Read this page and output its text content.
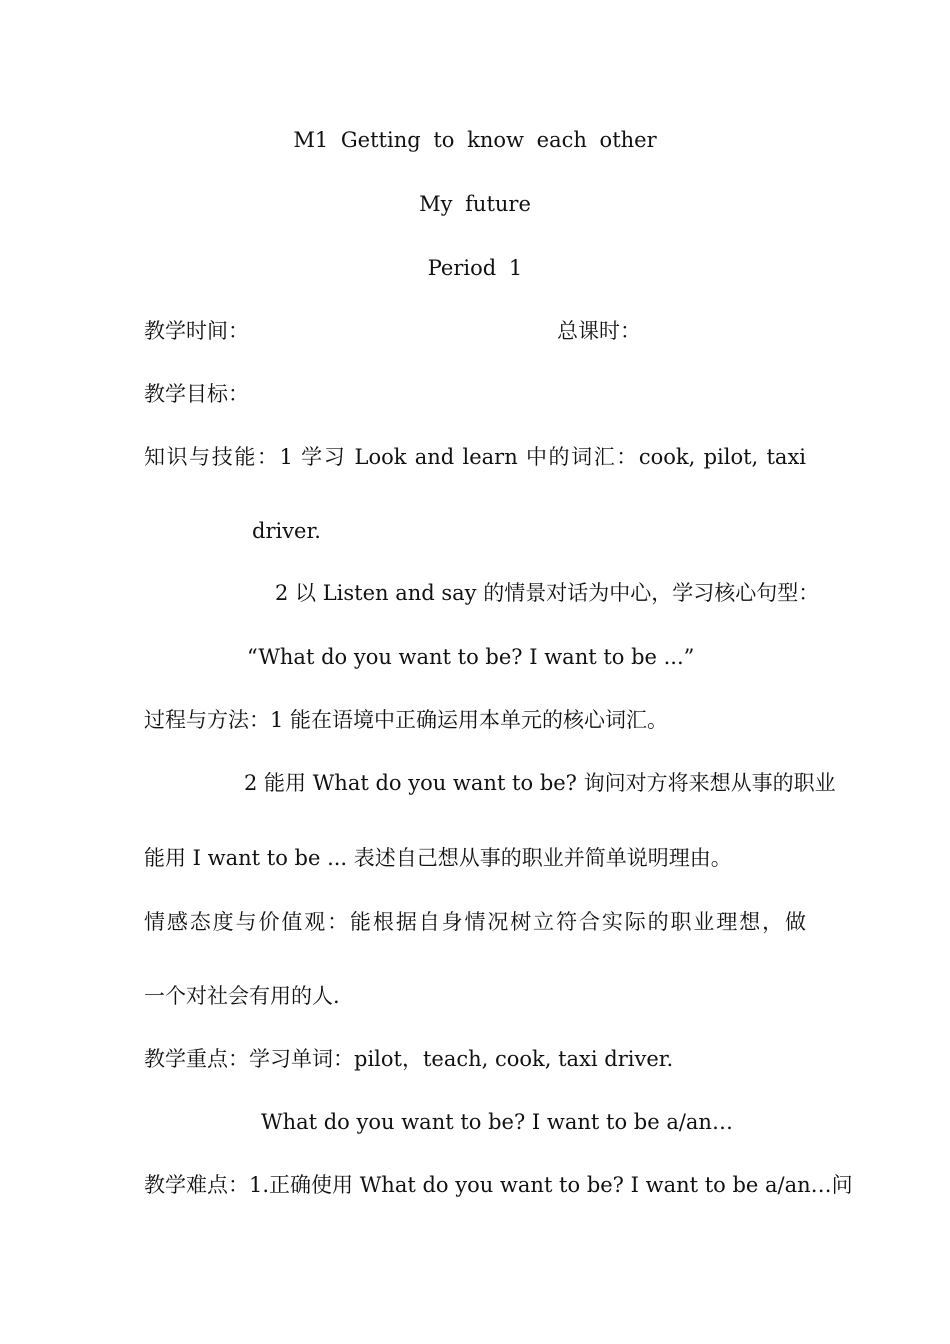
M1 Getting to know each other
My future
Period 1
教学时间：	总课时：
教学目标：
知识与技能：1 学习 Look and learn 中的词汇：cook, pilot, taxi
driver.
2 以 Listen and say 的情景对话为中心，学习核心句型：
“What do you want to be? I want to be ...”
过程与方法：1 能在语境中正确运用本单元的核心词汇。
2 能用 What do you want to be? 询问对方将来想从事的职业
能用 I want to be ... 表述自己想从事的职业并简单说明理由。
情感态度与价值观：能根据自身情况树立符合实际的职业理想，做
一个对社会有用的人.
教学重点：学习单词：pilot，teach, cook, taxi driver.
What do you want to be? I want to be a/an…
教学难点：1.正确使用 What do you want to be? I want to be a/an…问
